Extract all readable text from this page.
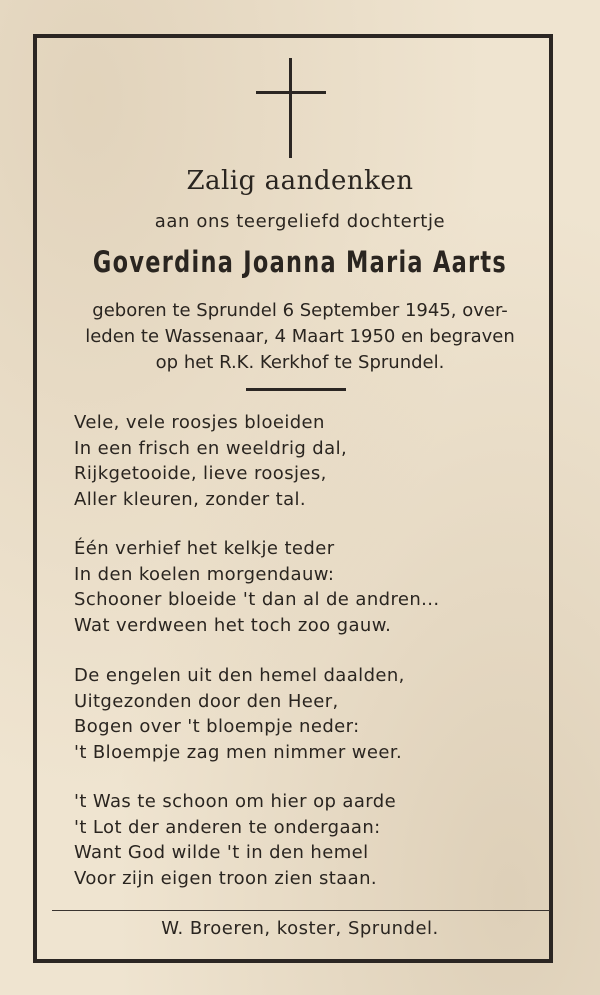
Zalig aandenken

aan ons teergeliefd dochtertje

Goverdina Joanna Maria Aarts

geboren te Sprundel 6 September 1945, over-
leden te Wassenaar, 4 Maart 1950 en begraven
op het R.K. Kerkhof te Sprundel.

Vele, vele roosjes bloeiden
In een frisch en weeldrig dal,
Rijkgetooide, lieve roosjes,
Aller kleuren, zonder tal.

Één verhief het kelkje teder
In den koelen morgendauw:
Schooner bloeide 't dan al de andren...
Wat verdween het toch zoo gauw.

De engelen uit den hemel daalden,
Uitgezonden door den Heer,
Bogen over 't bloempje neder:
't Bloempje zag men nimmer weer.

't Was te schoon om hier op aarde
't Lot der anderen te ondergaan:
Want God wilde 't in den hemel
Voor zijn eigen troon zien staan.

W. Broeren, koster, Sprundel.
